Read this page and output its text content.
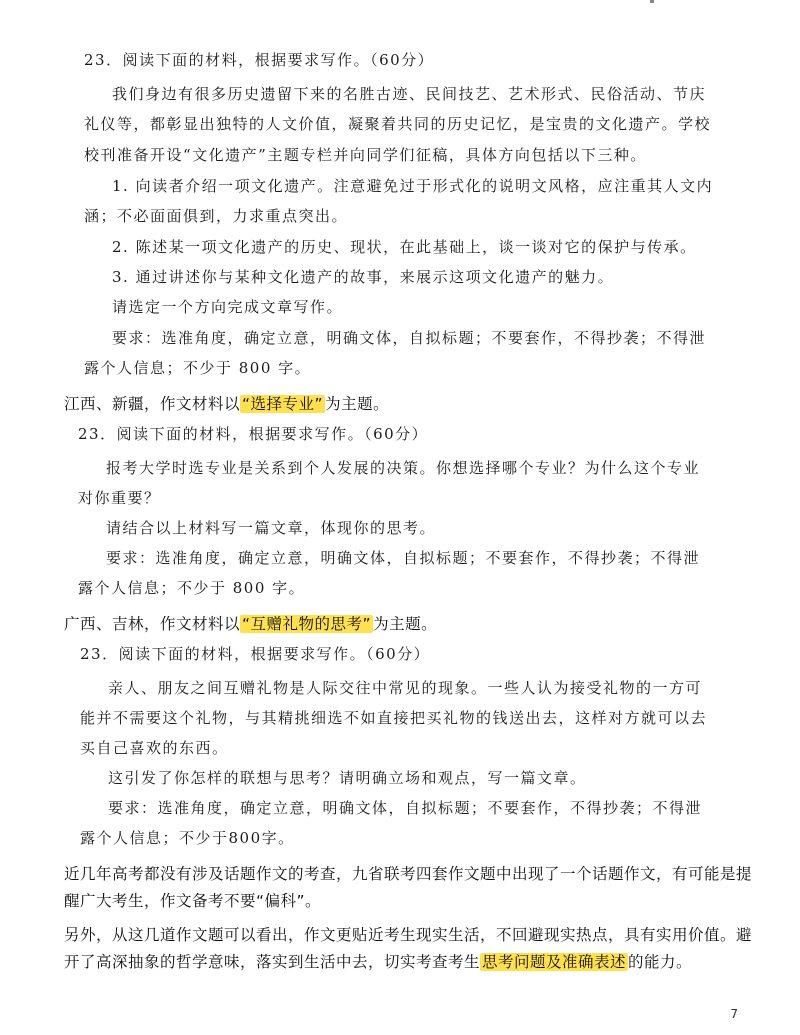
23．阅读下面的材料，根据要求写作。（60分）
我们身边有很多历史遗留下来的名胜古迹、民间技艺、艺术形式、民俗活动、节庆
礼仪等，都彰显出独特的人文价值，凝聚着共同的历史记忆，是宝贵的文化遗产。学校
校刊准备开设“文化遗产”主题专栏并向同学们征稿，具体方向包括以下三种。
1. 向读者介绍一项文化遗产。注意避免过于形式化的说明文风格，应注重其人文内
涵；不必面面俱到，力求重点突出。
2. 陈述某一项文化遗产的历史、现状，在此基础上，谈一谈对它的保护与传承。
3. 通过讲述你与某种文化遗产的故事，来展示这项文化遗产的魅力。
请选定一个方向完成文章写作。
要求：选准角度，确定立意，明确文体，自拟标题；不要套作，不得抄袭；不得泄
露个人信息；不少于 800 字。
江西、新疆，作文材料以 “选择专业” 为主题。
23．阅读下面的材料，根据要求写作。（60分）
报考大学时选专业是关系到个人发展的决策。你想选择哪个专业？为什么这个专业
对你重要？
请结合以上材料写一篇文章，体现你的思考。
要求：选准角度，确定立意，明确文体，自拟标题；不要套作，不得抄袭；不得泄
露个人信息；不少于 800 字。
广西、吉林，作文材料以 “互赠礼物的思考” 为主题。
23．阅读下面的材料，根据要求写作。（60分）
亲人、朋友之间互赠礼物是人际交往中常见的现象。一些人认为接受礼物的一方可
能并不需要这个礼物，与其精挑细选不如直接把买礼物的钱送出去，这样对方就可以去
买自己喜欢的东西。
这引发了你怎样的联想与思考？请明确立场和观点，写一篇文章。
要求：选准角度，确定立意，明确文体，自拟标题；不要套作，不得抄袭；不得泄
露个人信息；不少于800字。
近几年高考都没有涉及话题作文的考查，九省联考四套作文题中出现了一个话题作文，有可能是提
醒广大考生，作文备考不要“偏科”。
另外，从这几道作文题可以看出，作文更贴近考生现实生活，不回避现实热点，具有实用价值。避
开了高深抽象的哲学意味，落实到生活中去，切实考查考生 思考问题及准确表述 的能力。
7
